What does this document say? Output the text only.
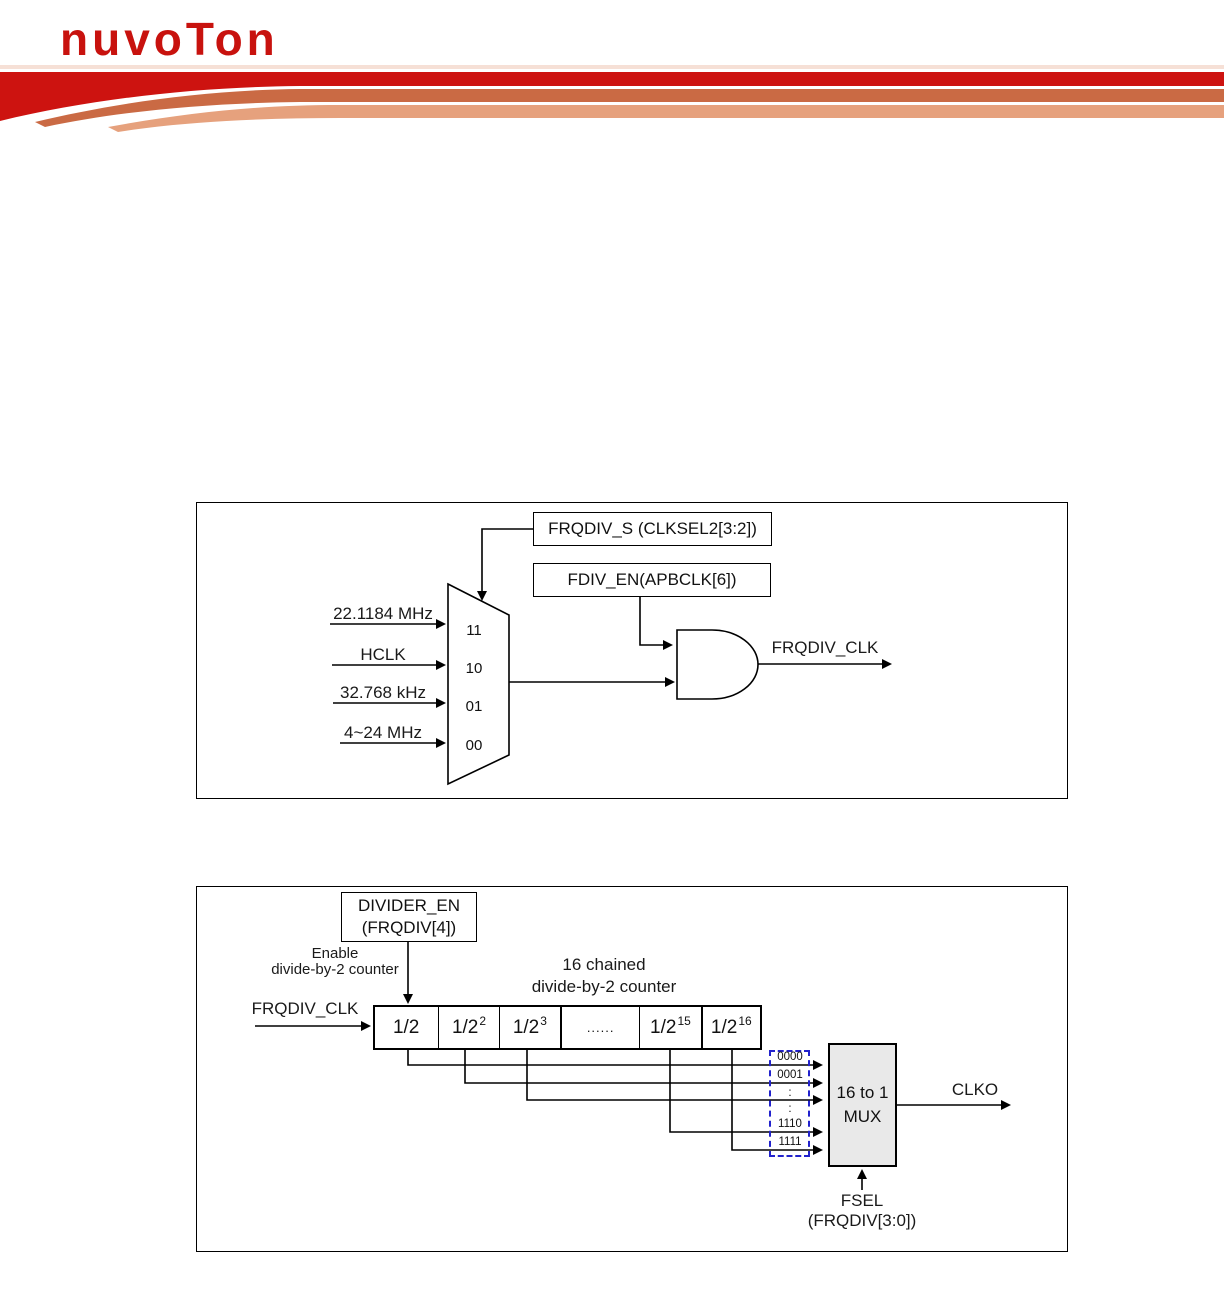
nuvoTon
FRQDIV_S (CLKSEL2[3:2])
FDIV_EN(APBCLK[6])
22.1184 MHz
HCLK
32.768 kHz
4~24 MHz
11
10
01
00
FRQDIV_CLK
DIVIDER_EN
(FRQDIV[4])
Enable
divide-by-2 counter	16 chained
divide-by-2 counter
FRQDIV_CLK
1/2 1/2 2 1/2 3	...... 1/2 15 1/2 16
0000
0001
:
:
1110
1111
16 to 1
MUX
CLKO
FSEL
(FRQDIV[3:0])
